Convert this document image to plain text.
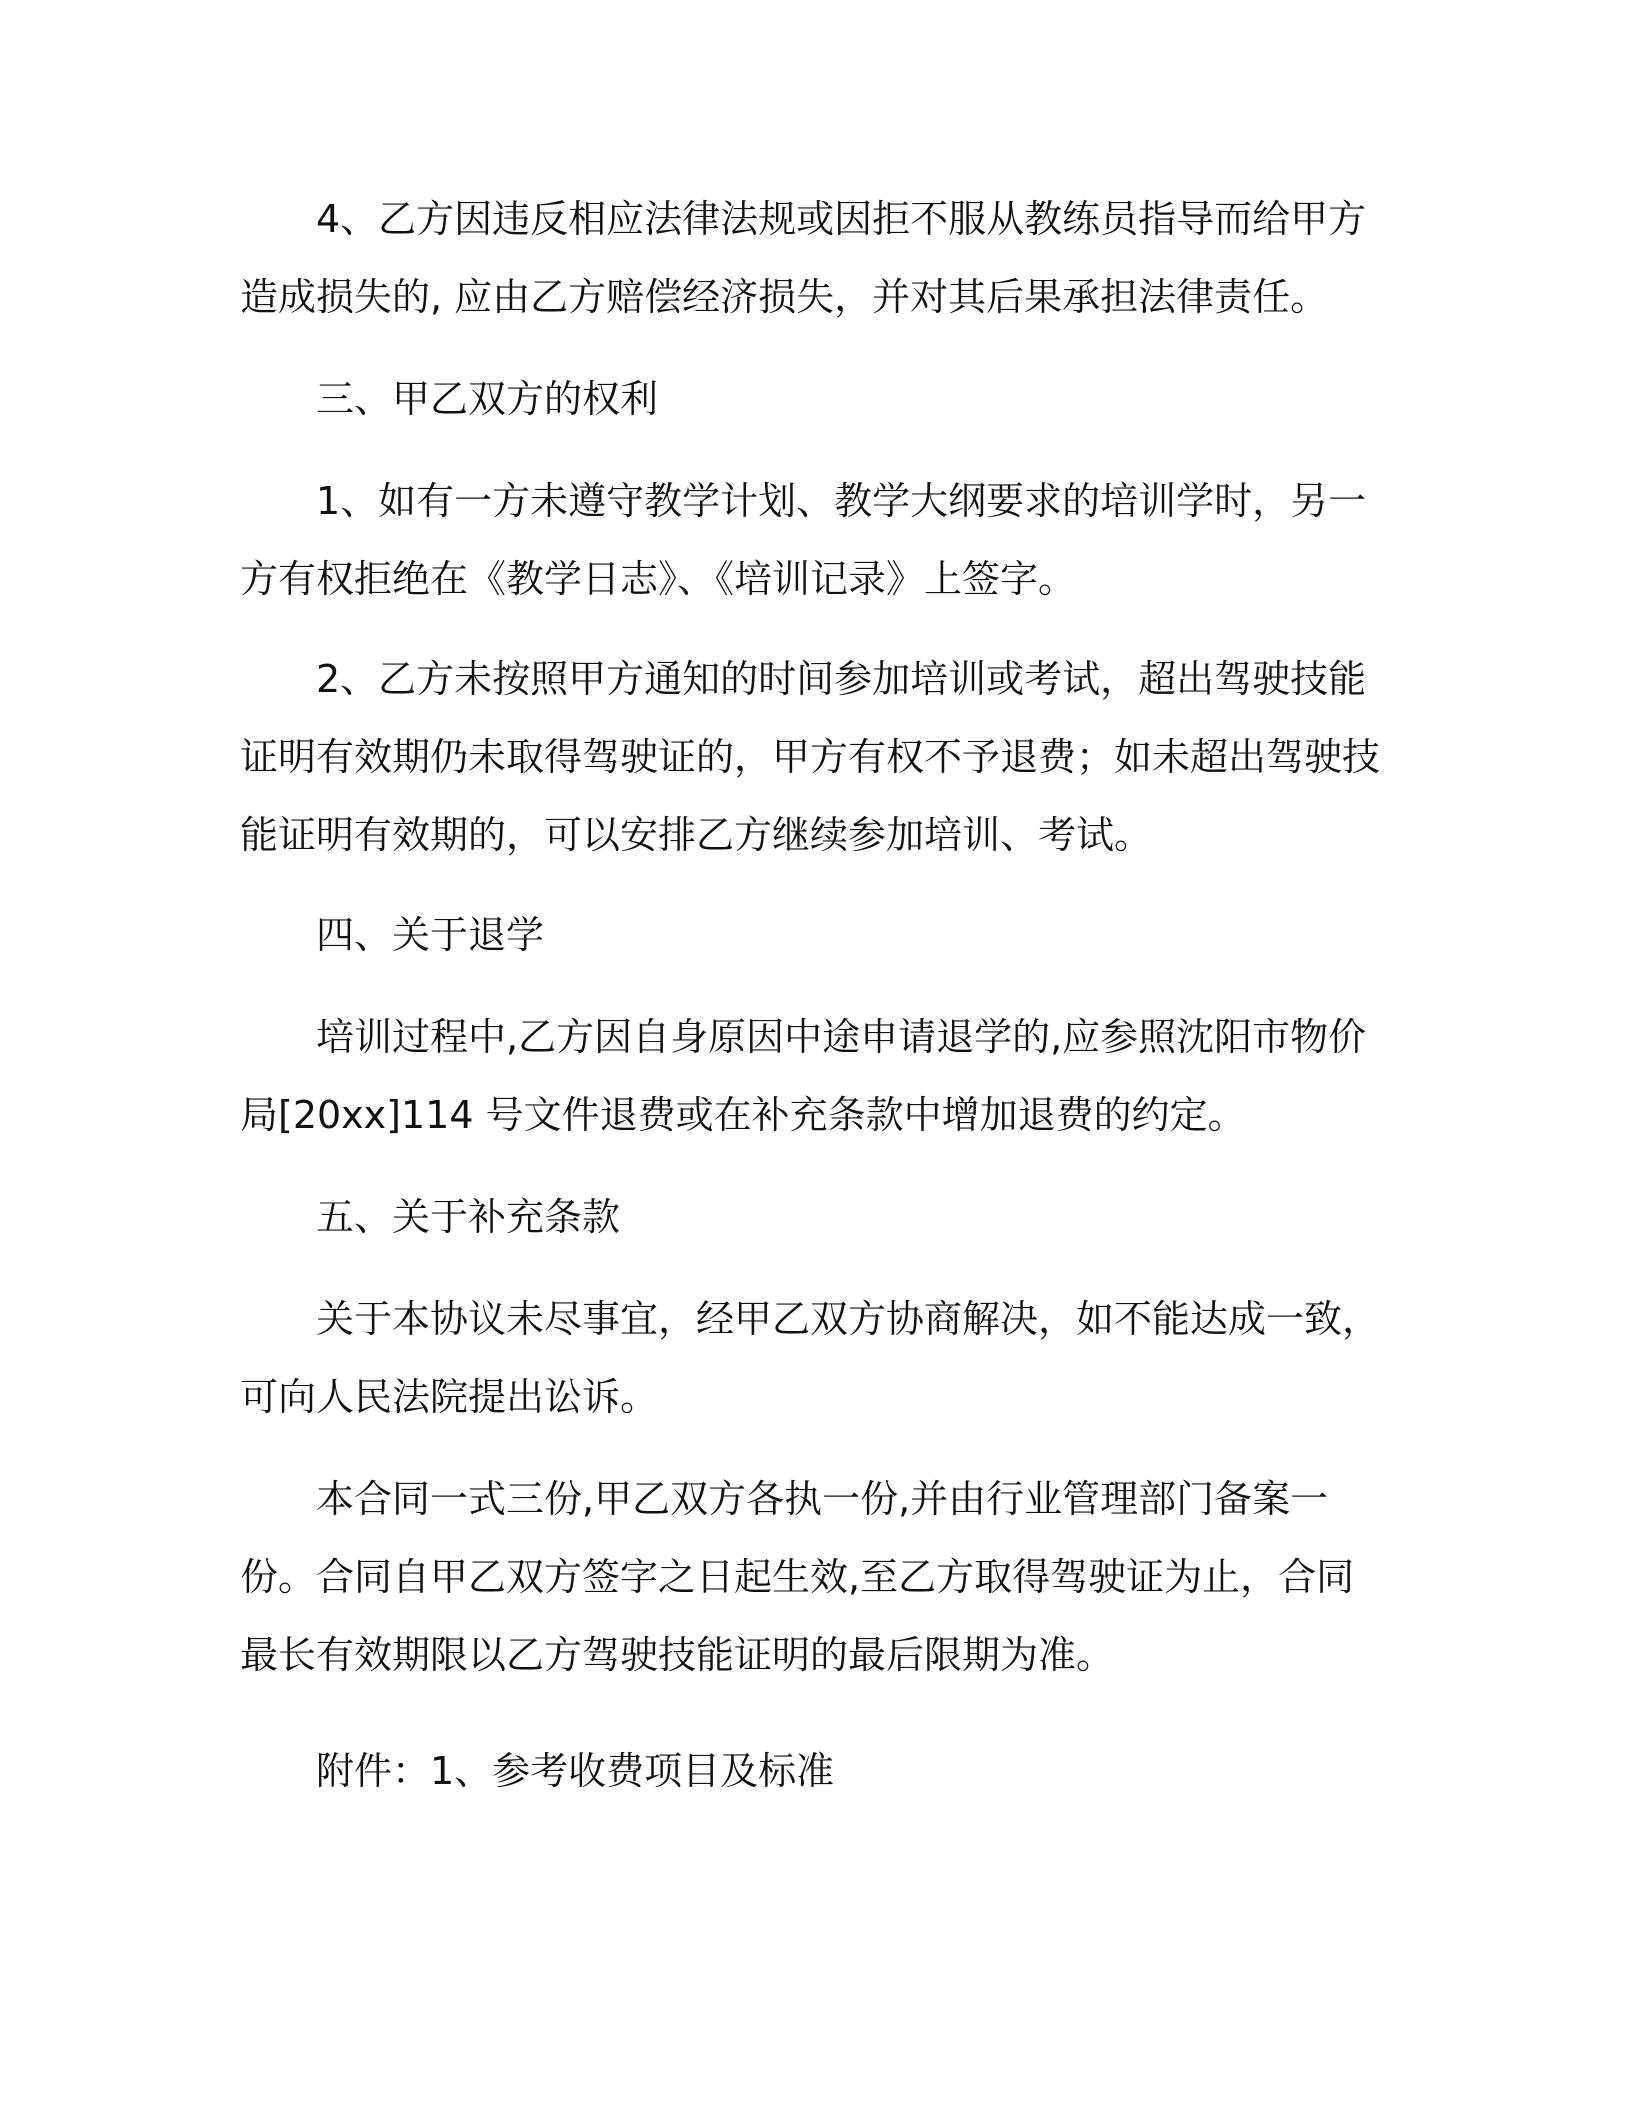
4、乙方因违反相应法律法规或因拒不服从教练员指导而给甲方造成损失的, 应由乙方赔偿经济损失，并对其后果承担法律责任。

三、甲乙双方的权利

1、如有一方未遵守教学计划、教学大纲要求的培训学时，另一方有权拒绝在《教学日志》、《培训记录》上签字。

2、乙方未按照甲方通知的时间参加培训或考试，超出驾驶技能证明有效期仍未取得驾驶证的，甲方有权不予退费；如未超出驾驶技能证明有效期的，可以安排乙方继续参加培训、考试。

四、关于退学

培训过程中,乙方因自身原因中途申请退学的,应参照沈阳市物价局[20xx]114 号文件退费或在补充条款中增加退费的约定。

五、关于补充条款

关于本协议未尽事宜，经甲乙双方协商解决，如不能达成一致，可向人民法院提出讼诉。

本合同一式三份,甲乙双方各执一份,并由行业管理部门备案一份。合同自甲乙双方签字之日起生效,至乙方取得驾驶证为止，合同最长有效期限以乙方驾驶技能证明的最后限期为准。

附件：1、参考收费项目及标准
